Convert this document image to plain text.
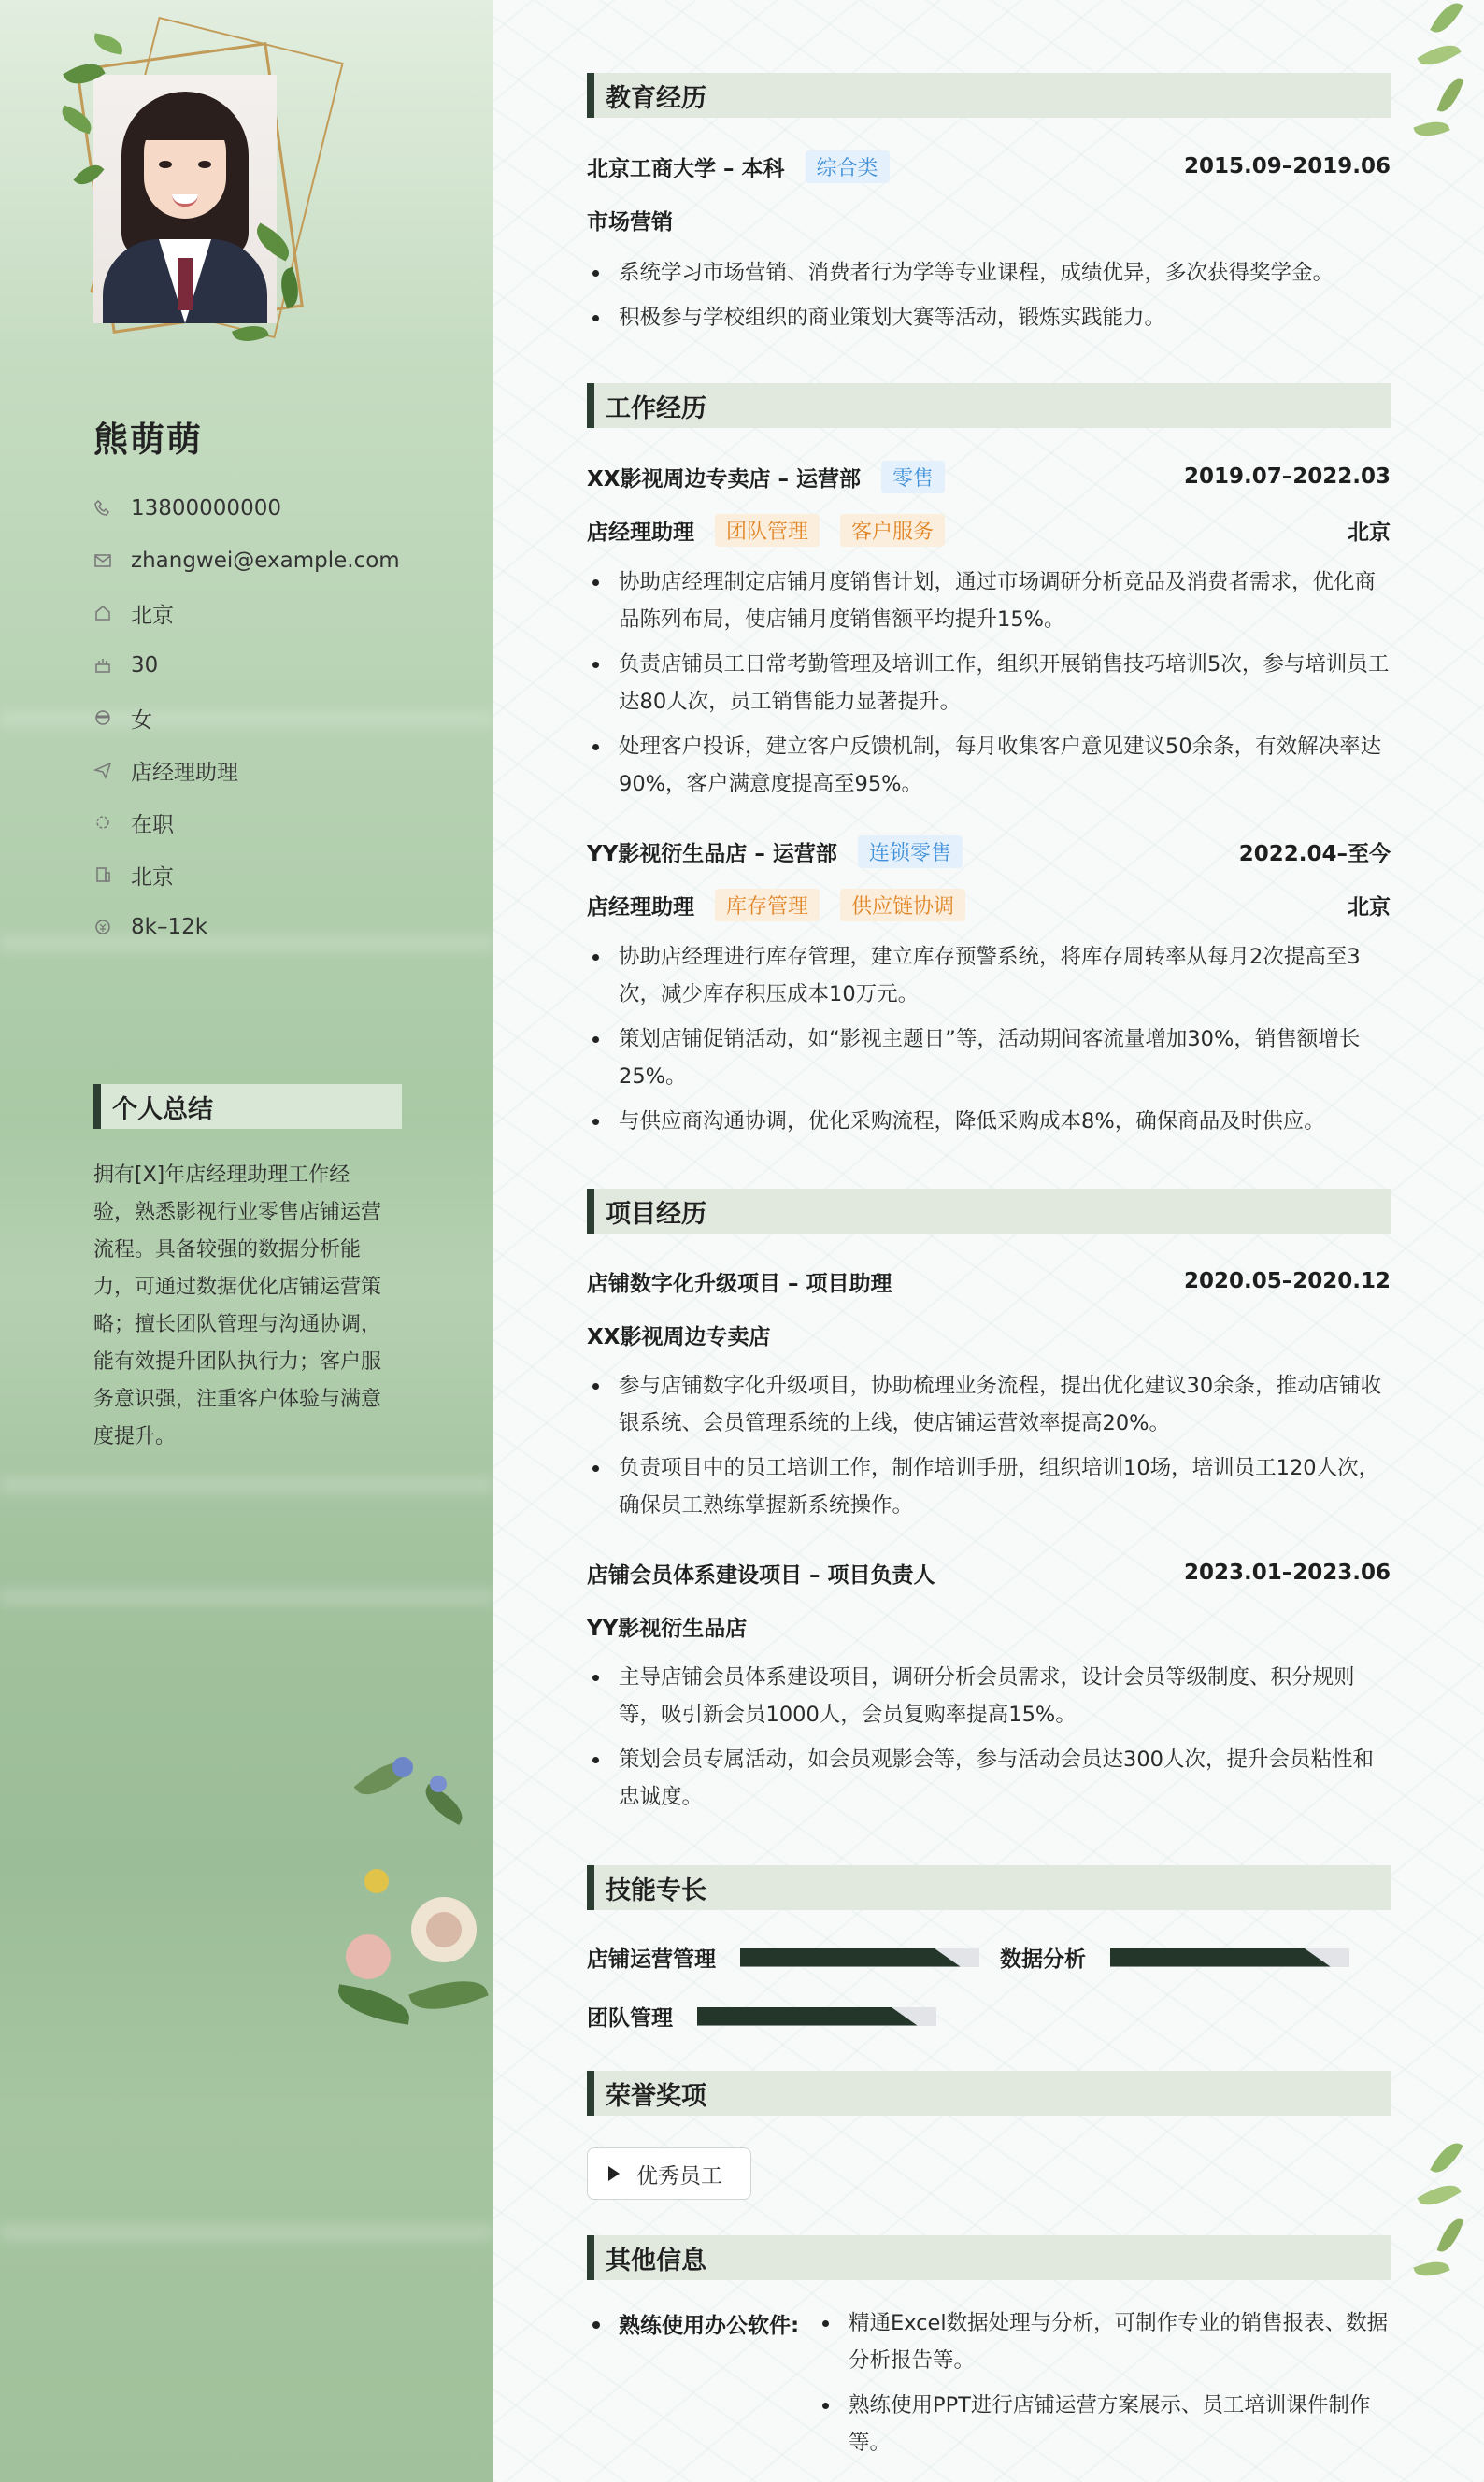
熊萌萌
13800000000
zhangwei@example.com
北京
30
女
店经理助理
在职
北京
8k–12k
个人总结
拥有[X]年店经理助理工作经验，熟悉影视行业零售店铺运营流程。具备较强的数据分析能力，可通过数据优化店铺运营策略；擅长团队管理与沟通协调，能有效提升团队执行力；客户服务意识强，注重客户体验与满意度提升。
教育经历
北京工商大学 – 本科	综合类	2015.09–2019.06
市场营销
系统学习市场营销、消费者行为学等专业课程，成绩优异，多次获得奖学金。
积极参与学校组织的商业策划大赛等活动，锻炼实践能力。
工作经历
XX影视周边专卖店 – 运营部	零售	2019.07–2022.03
店经理助理	团队管理	客户服务	北京
协助店经理制定店铺月度销售计划，通过市场调研分析竞品及消费者需求，优化商品陈列布局，使店铺月度销售额平均提升15%。
负责店铺员工日常考勤管理及培训工作，组织开展销售技巧培训5次，参与培训员工达80人次，员工销售能力显著提升。
处理客户投诉，建立客户反馈机制，每月收集客户意见建议50余条，有效解决率达90%，客户满意度提高至95%。
YY影视衍生品店 – 运营部	连锁零售	2022.04–至今
店经理助理	库存管理	供应链协调	北京
协助店经理进行库存管理，建立库存预警系统，将库存周转率从每月2次提高至3次，减少库存积压成本10万元。
策划店铺促销活动，如“影视主题日”等，活动期间客流量增加30%，销售额增长25%。
与供应商沟通协调，优化采购流程，降低采购成本8%，确保商品及时供应。
项目经历
店铺数字化升级项目 – 项目助理	2020.05–2020.12
XX影视周边专卖店
参与店铺数字化升级项目，协助梳理业务流程，提出优化建议30余条，推动店铺收银系统、会员管理系统的上线，使店铺运营效率提高20%。
负责项目中的员工培训工作，制作培训手册，组织培训10场，培训员工120人次，确保员工熟练掌握新系统操作。
店铺会员体系建设项目 – 项目负责人	2023.01–2023.06
YY影视衍生品店
主导店铺会员体系建设项目，调研分析会员需求，设计会员等级制度、积分规则等，吸引新会员1000人，会员复购率提高15%。
策划会员专属活动，如会员观影会等，参与活动会员达300人次，提升会员粘性和忠诚度。
技能专长
店铺运营管理	数据分析
团队管理
荣誉奖项
优秀员工
其他信息
熟练使用办公软件:	精通Excel数据处理与分析，可制作专业的销售报表、数据分析报告等。
熟练使用PPT进行店铺运营方案展示、员工培训课件制作等。
